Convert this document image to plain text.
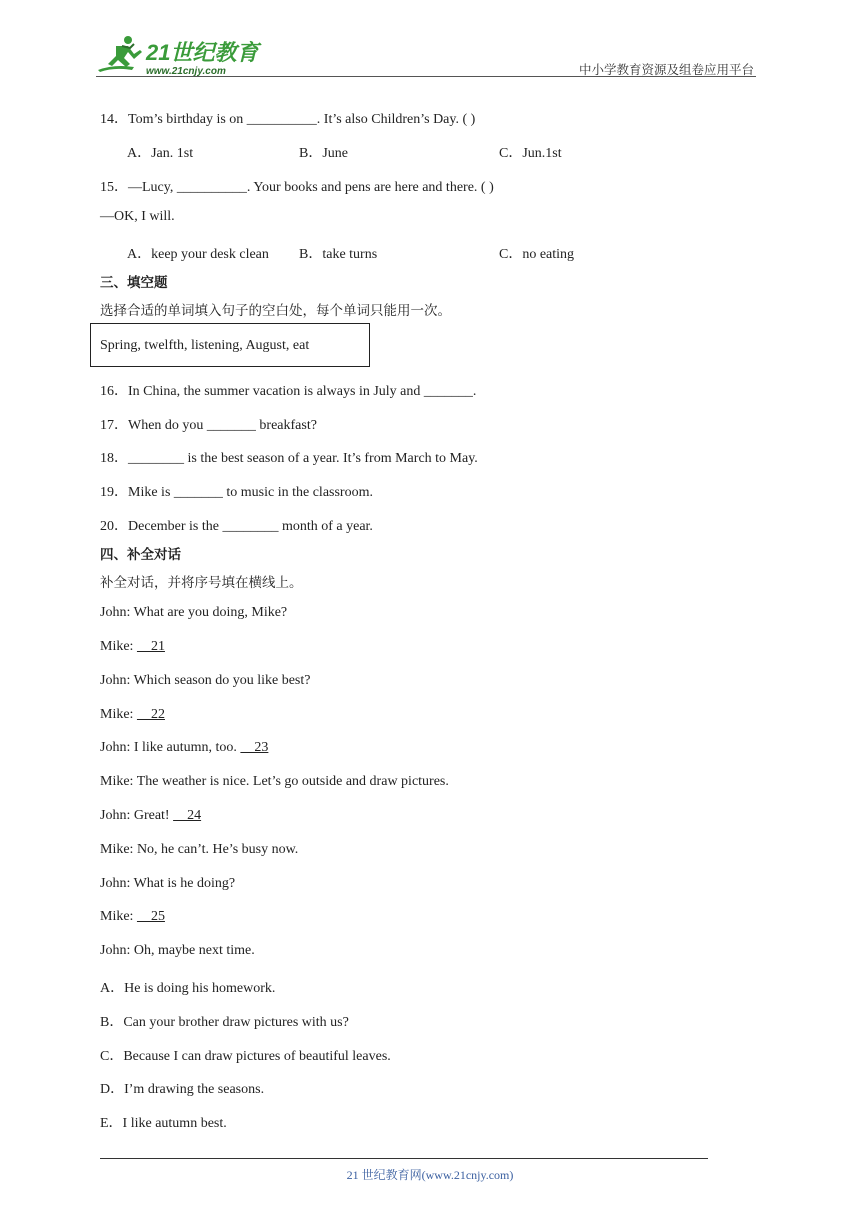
21世纪教育
www.21cnjy.com	中小学教育资源及组卷应用平台
14．Tom’s birthday is on __________. It’s also Children’s Day. ( )
A．Jan. 1st	B．June	C．Jun.1st
15．—Lucy, __________. Your books and pens are here and there. ( )
—OK, I will.
A．keep your desk clean B．take turns	C．no eating
三、填空题
选择合适的单词填入句子的空白处，每个单词只能用一次。
Spring, twelfth, listening, August, eat
16．In China, the summer vacation is always in July and _______.
17．When do you _______ breakfast?
18．________ is the best season of a year. It’s from March to May.
19．Mike is _______ to music in the classroom.
20．December is the ________ month of a year.
四、补全对话
补全对话，并将序号填在横线上。
John: What are you doing, Mike?
Mike:     21
John: Which season do you like best?
Mike:     22
John: I like autumn, too.     23
Mike: The weather is nice. Let’s go outside and draw pictures.
John: Great!     24
Mike: No, he can’t. He’s busy now.
John: What is he doing?
Mike:     25
John: Oh, maybe next time.
A．He is doing his homework.
B．Can your brother draw pictures with us?
C．Because I can draw pictures of beautiful leaves.
D．I’m drawing the seasons.
E．I like autumn best.
21 世纪教育网(www.21cnjy.com)
